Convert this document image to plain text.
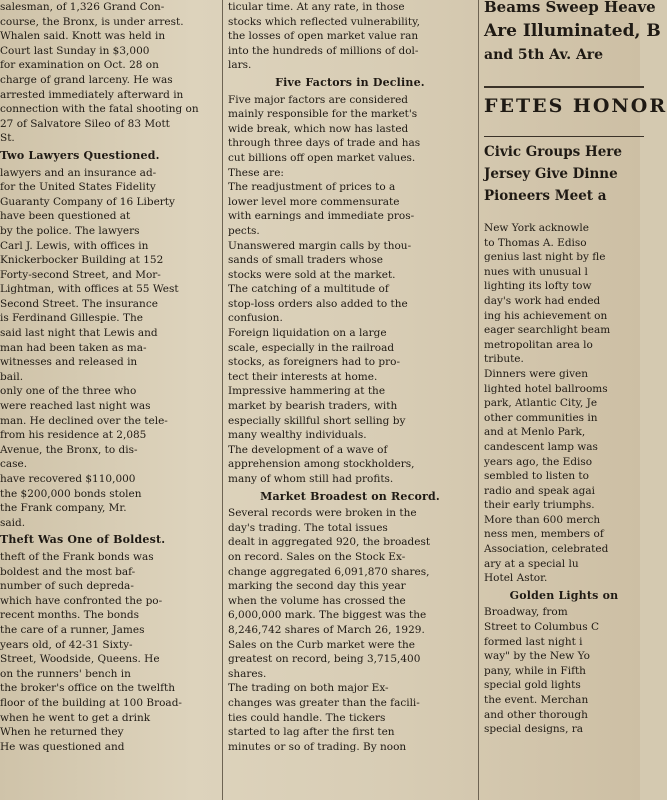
salesman, of 1,326 Grand Con-
course, the Bronx, is under arrest.
Whalen said. Knott was held in
Court last Sunday in $3,000
for examination on Oct. 28 on
charge of grand larceny. He was
arrested immediately afterward in
connection with the fatal shooting on
27 of Salvatore Sileo of 83 Mott
St.

Two Lawyers Questioned.

lawyers and an insurance ad-
for the United States Fidelity
Guaranty Company of 16 Liberty
have been questioned at
by the police. The lawyers
Carl J. Lewis, with offices in
Knickerbocker Building at 152
Forty-second Street, and Mor-
Lightman, with offices at 55 West
Second Street. The insurance
is Ferdinand Gillespie. The
said last night that Lewis and
man had been taken as ma-
witnesses and released in
bail.

only one of the three who
were reached last night was
man. He declined over the tele-
from his residence at 2,085
Avenue, the Bronx, to dis-
case.

have recovered $110,000
the $200,000 bonds stolen
the Frank company, Mr.
said.

Theft Was One of Boldest.

theft of the Frank bonds was
boldest and the most baf-
number of such depreda-
which have confronted the po-
recent months. The bonds
the care of a runner, James
years old, of 42-31 Sixty-
Street, Woodside, Queens. He
on the runners' bench in
the broker's office on the twelfth
floor of the building at 100 Broad-
when he went to get a drink
When he returned they
He was questioned and

ticular time. At any rate, in those
stocks which reflected vulnerability,
the losses of open market value ran
into the hundreds of millions of dol-
lars.

Five Factors in Decline.

Five major factors are considered
mainly responsible for the market's
wide break, which now has lasted
through three days of trade and has
cut billions off open market values.
These are:

The readjustment of prices to a
lower level more commensurate
with earnings and immediate pros-
pects.

Unanswered margin calls by thou-
sands of small traders whose
stocks were sold at the market.
The catching of a multitude of
stop-loss orders also added to the
confusion.

Foreign liquidation on a large
scale, especially in the railroad
stocks, as foreigners had to pro-
tect their interests at home.

Impressive hammering at the
market by bearish traders, with
especially skillful short selling by
many wealthy individuals.

The development of a wave of
apprehension among stockholders,
many of whom still had profits.

Market Broadest on Record.

Several records were broken in the
day's trading. The total issues
dealt in aggregated 920, the broadest
on record. Sales on the Stock Ex-
change aggregated 6,091,870 shares,
marking the second day this year
when the volume has crossed the
6,000,000 mark. The biggest was the
8,246,742 shares of March 26, 1929.
Sales on the Curb market were the
greatest on record, being 3,715,400
shares.

The trading on both major Ex-
changes was greater than the facili-
ties could handle. The tickers
started to lag after the first ten
minutes or so of trading. By noon

Beams Sweep Heave
Are Illuminated, B
and 5th Av. Are
FETES HONOR
Civic Groups Here
Jersey Give Dinne
Pioneers Meet a

New York acknowle
to Thomas A. Ediso
genius last night by fle
nues with unusual l
lighting its lofty tow
day's work had ended
ing his achievement on
eager searchlight beam
metropolitan area lo
tribute.

Dinners were given
lighted hotel ballrooms
park, Atlantic City, Je
other communities in
and at Menlo Park,
candescent lamp was
years ago, the Ediso
sembled to listen to
radio and speak agai
their early triumphs.

More than 600 merch
ness men, members of
Association, celebrated
ary at a special lu
Hotel Astor.

Golden Lights on

Broadway, from
Street to Columbus C
formed last night i
way" by the New Yo
pany, while in Fifth
special gold lights
the event. Merchan
and other thorough
special designs, ra
